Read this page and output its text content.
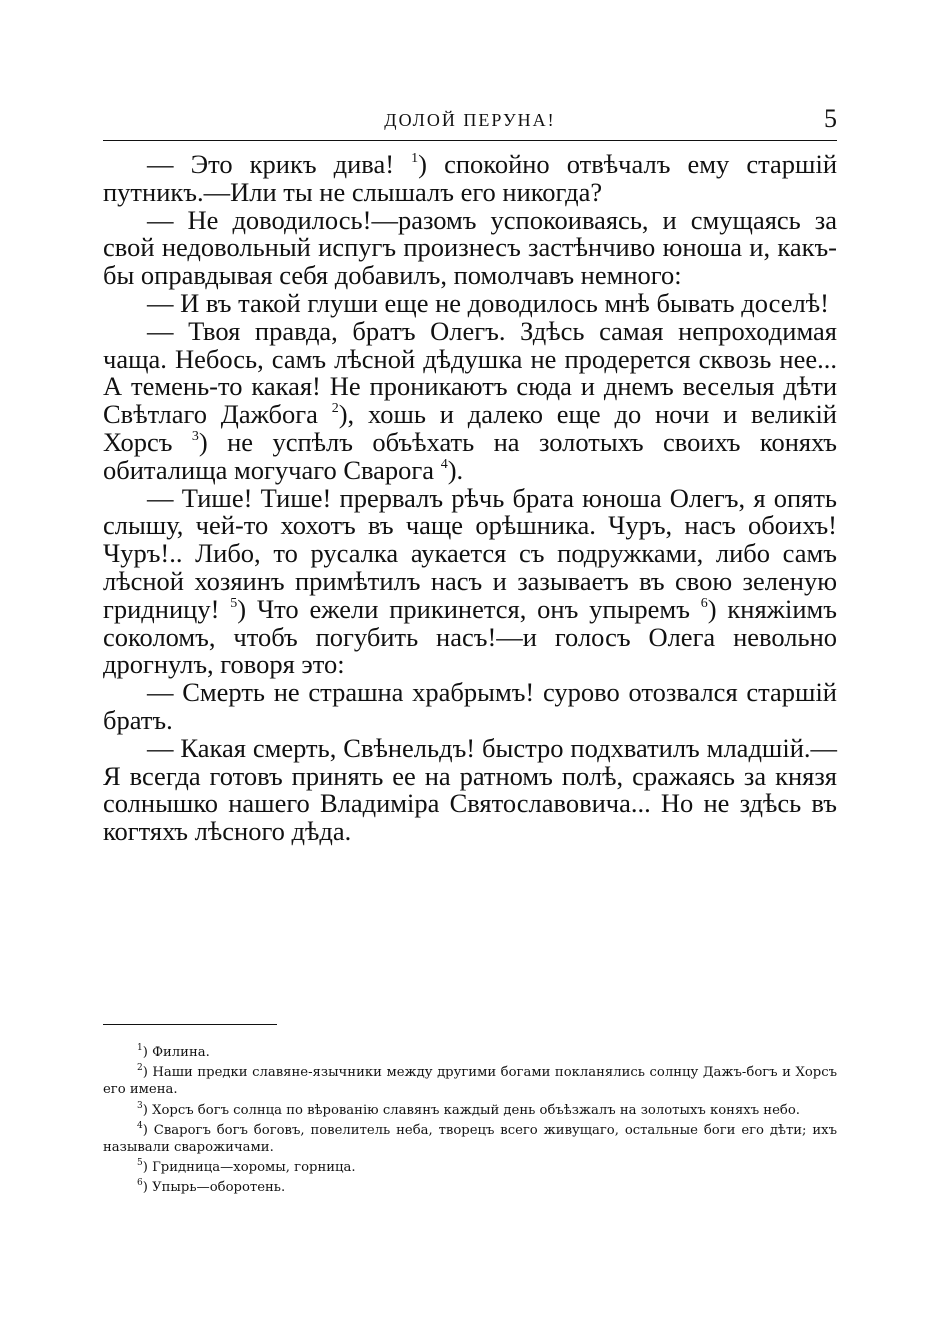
ДОЛОЙ ПЕРУНА!	5

— Это крикъ дива! $^1$) спокойно отвѣчалъ ему старшій путникъ.—Или ты не слышалъ его никогда?

— Не доводилось!—разомъ успокоиваясь, и смущаясь за свой недовольный испугъ произнесъ застѣнчиво юноша и, какъ-бы оправдывая себя добавилъ, помолчавъ немного:

— И въ такой глуши еще не доводилось мнѣ бывать доселѣ!

— Твоя правда, братъ Олегъ. Здѣсь самая непроходимая чаща. Небось, самъ лѣсной дѣдушка не продерется сквозь нее... А темень-то какая! Не проникаютъ сюда и днемъ веселыя дѣти Свѣтлаго Дажбога $^2$), хошь и далеко еще до ночи и великій Хорсъ $^3$) не успѣлъ объѣхать на золотыхъ своихъ коняхъ обиталища могучаго Сварога $^4$).

— Тише! Тише! прервалъ рѣчь брата юноша Олегъ, я опять слышу, чей-то хохотъ въ чаще орѣшника. Чуръ, насъ обоихъ! Чуръ!.. Либо, то русалка аукается съ подружками, либо самъ лѣсной хозяинъ примѣтилъ насъ и зазываетъ въ свою зеленую гридницу! $^5$) Что ежели прикинется, онъ упыремъ $^6$) княжіимъ соколомъ, чтобъ погубить насъ!—и голосъ Олега невольно дрогнулъ, говоря это:

— Смерть не страшна храбрымъ! сурово отозвался старшій братъ.

— Какая смерть, Свѣнельдъ! быстро подхватилъ младшій.—Я всегда готовъ принять ее на ратномъ полѣ, сражаясь за князя солнышко нашего Владиміра Святославовича... Но не здѣсь въ когтяхъ лѣсного дѣда.

$^1$) Филина.

$^2$) Наши предки славяне-язычники между другими богами покланялись солнцу Дажъ-богъ и Хорсъ его имена.

$^3$) Хорсъ богъ солнца по вѣрованію славянъ каждый день объѣзжалъ на золотыхъ коняхъ небо.

$^4$) Сварогъ богъ боговъ, повелитель неба, творецъ всего живущаго, остальные боги его дѣти; ихъ называли сварожичами.

$^5$) Гридница—хоромы, горница.

$^6$) Упырь—оборотень.
